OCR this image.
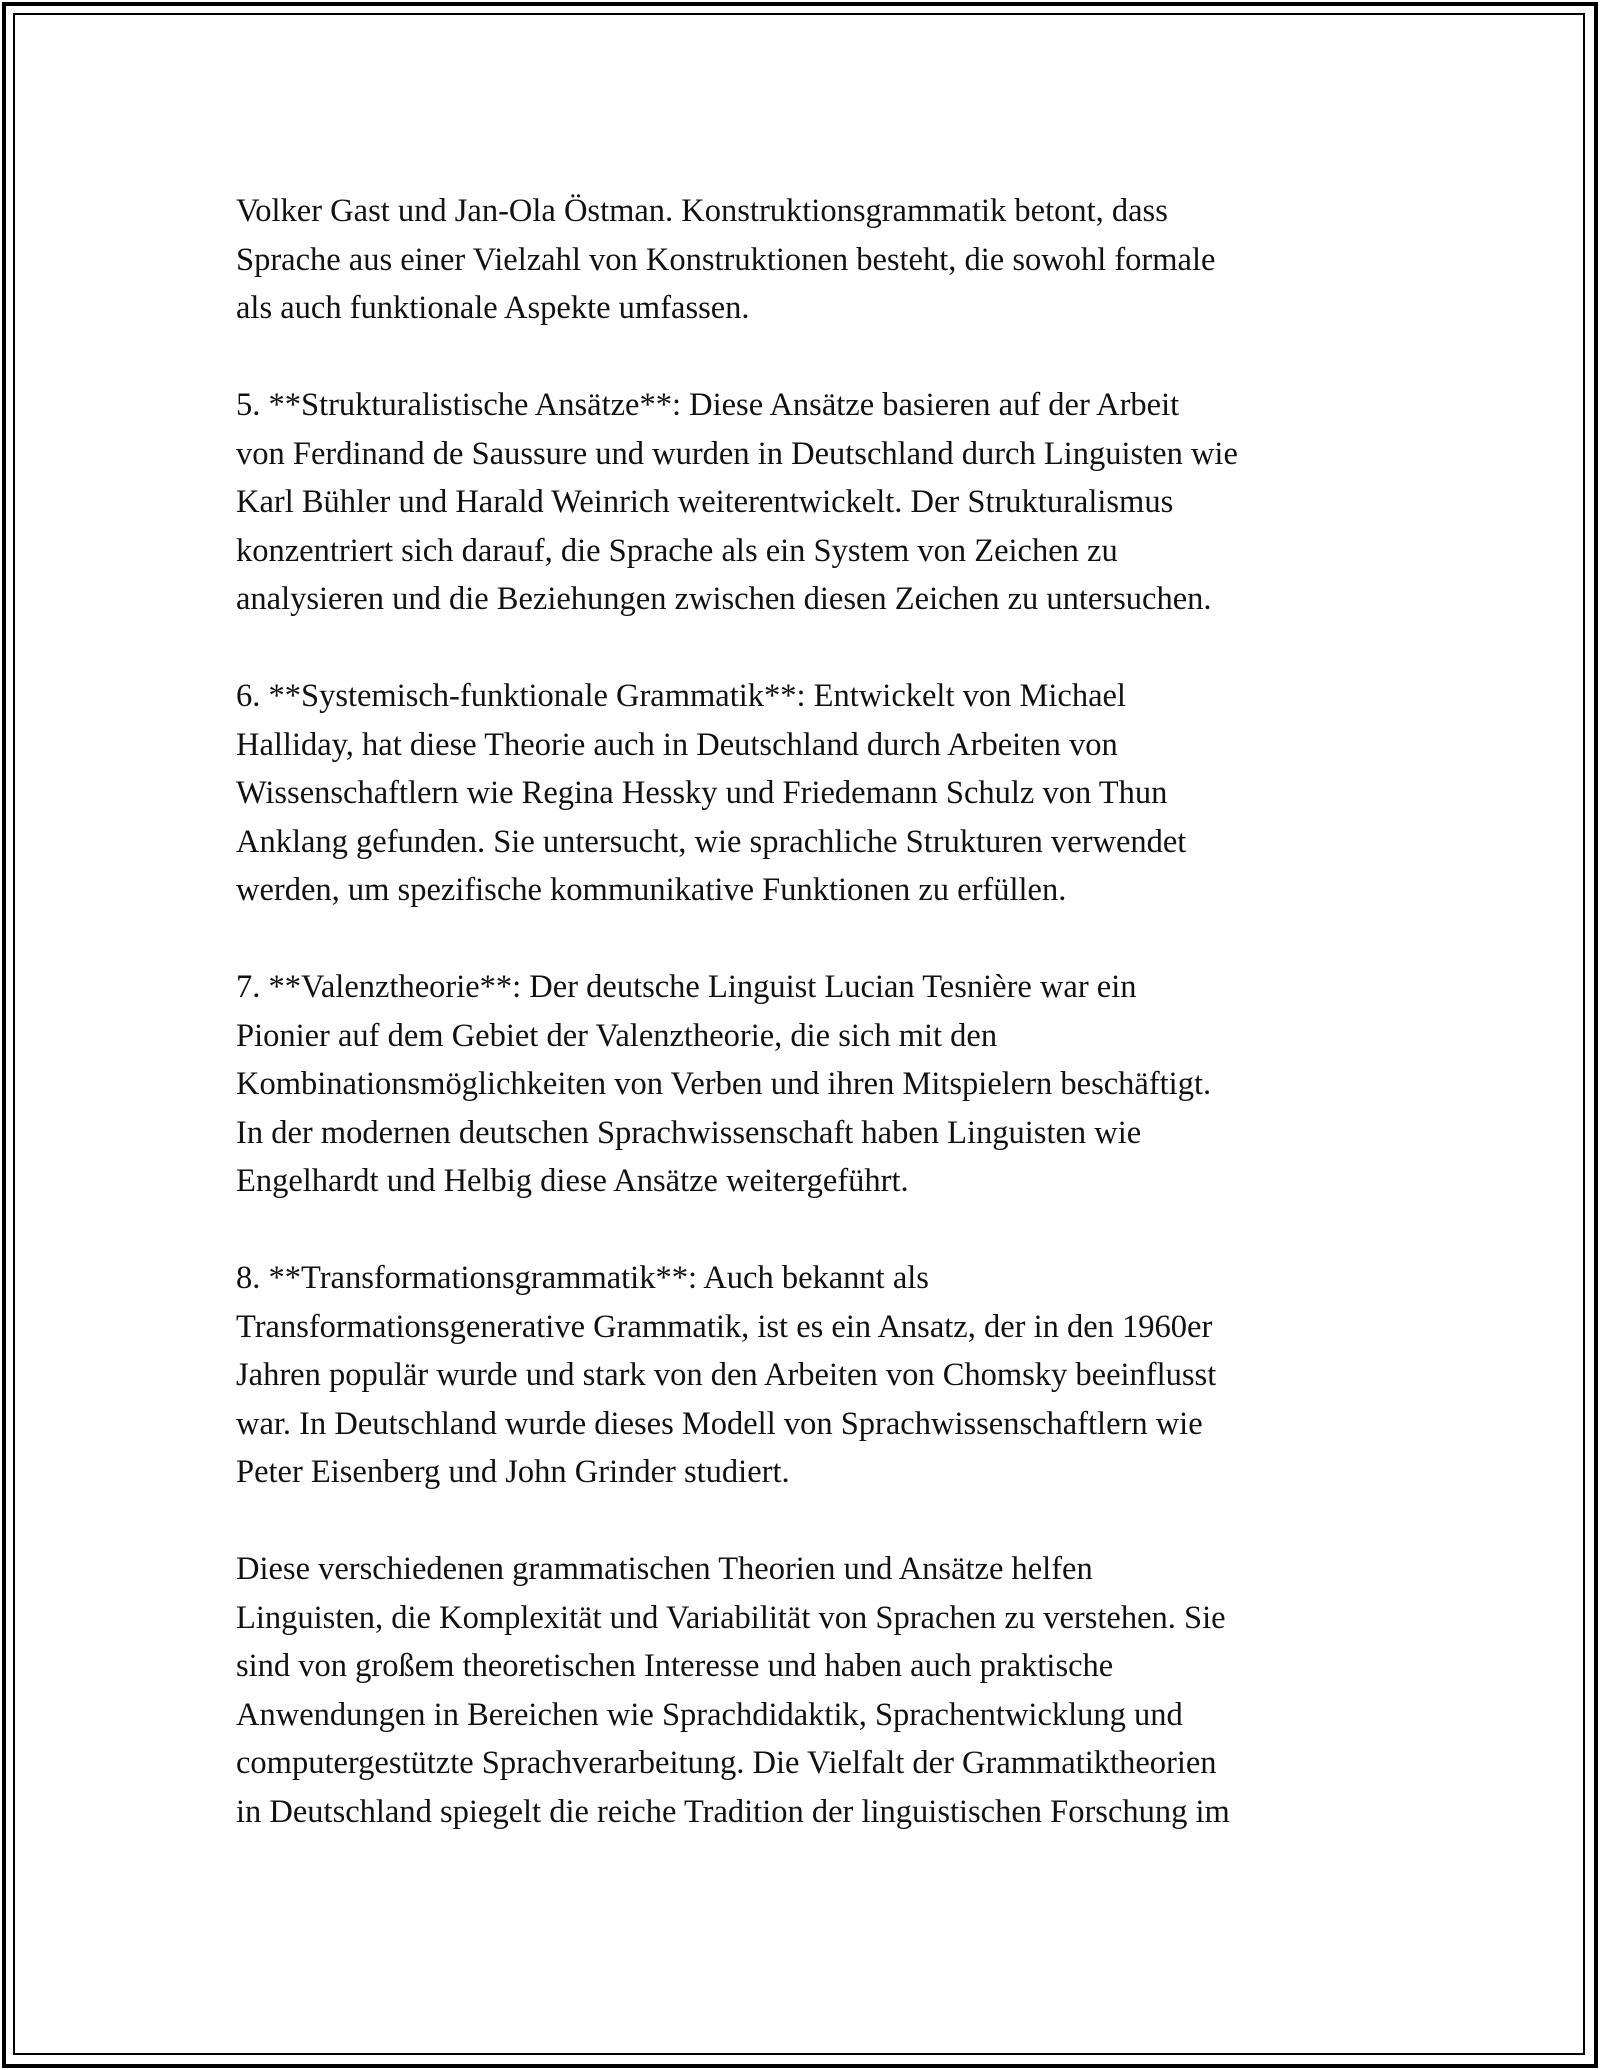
Volker Gast und Jan-Ola Östman. Konstruktionsgrammatik betont, dass
Sprache aus einer Vielzahl von Konstruktionen besteht, die sowohl formale
als auch funktionale Aspekte umfassen.

5. **Strukturalistische Ansätze**: Diese Ansätze basieren auf der Arbeit
von Ferdinand de Saussure und wurden in Deutschland durch Linguisten wie
Karl Bühler und Harald Weinrich weiterentwickelt. Der Strukturalismus
konzentriert sich darauf, die Sprache als ein System von Zeichen zu
analysieren und die Beziehungen zwischen diesen Zeichen zu untersuchen.

6. **Systemisch-funktionale Grammatik**: Entwickelt von Michael
Halliday, hat diese Theorie auch in Deutschland durch Arbeiten von
Wissenschaftlern wie Regina Hessky und Friedemann Schulz von Thun
Anklang gefunden. Sie untersucht, wie sprachliche Strukturen verwendet
werden, um spezifische kommunikative Funktionen zu erfüllen.

7. **Valenztheorie**: Der deutsche Linguist Lucian Tesnière war ein
Pionier auf dem Gebiet der Valenztheorie, die sich mit den
Kombinationsmöglichkeiten von Verben und ihren Mitspielern beschäftigt.
In der modernen deutschen Sprachwissenschaft haben Linguisten wie
Engelhardt und Helbig diese Ansätze weitergeführt.

8. **Transformationsgrammatik**: Auch bekannt als
Transformationsgenerative Grammatik, ist es ein Ansatz, der in den 1960er
Jahren populär wurde und stark von den Arbeiten von Chomsky beeinflusst
war. In Deutschland wurde dieses Modell von Sprachwissenschaftlern wie
Peter Eisenberg und John Grinder studiert.

Diese verschiedenen grammatischen Theorien und Ansätze helfen
Linguisten, die Komplexität und Variabilität von Sprachen zu verstehen. Sie
sind von großem theoretischen Interesse und haben auch praktische
Anwendungen in Bereichen wie Sprachdidaktik, Sprachentwicklung und
computergestützte Sprachverarbeitung. Die Vielfalt der Grammatiktheorien
in Deutschland spiegelt die reiche Tradition der linguistischen Forschung im
